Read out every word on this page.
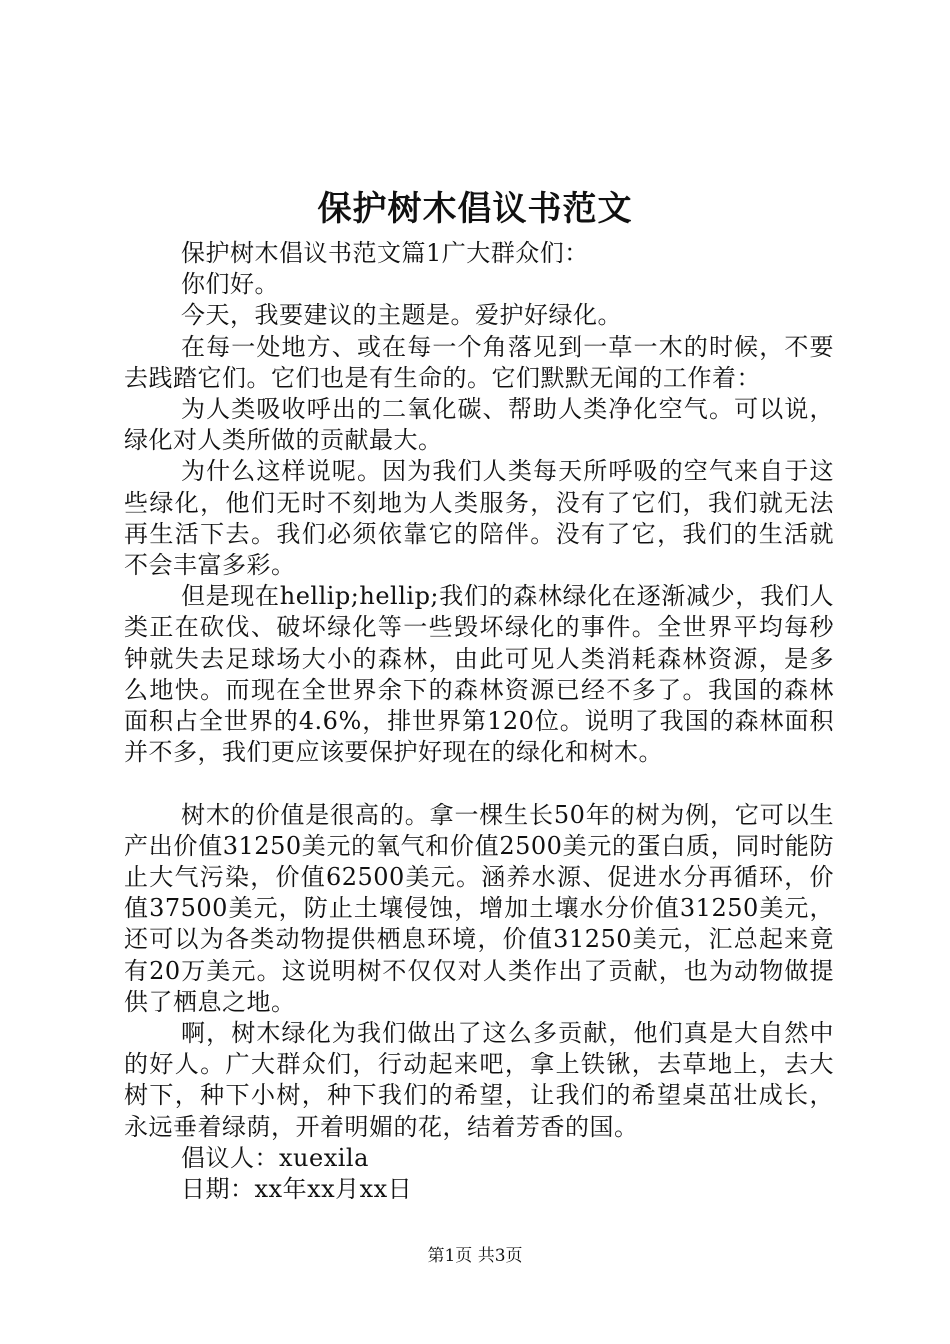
保护树木倡议书范文

保护树木倡议书范文篇1广大群众们：

你们好。

今天，我要建议的主题是。爱护好绿化。

在每一处地方、或在每一个角落见到一草一木的时候，不要去践踏它们。它们也是有生命的。它们默默无闻的工作着：

为人类吸收呼出的二氧化碳、帮助人类净化空气。可以说，绿化对人类所做的贡献最大。

为什么这样说呢。因为我们人类每天所呼吸的空气来自于这些绿化，他们无时不刻地为人类服务，没有了它们，我们就无法再生活下去。我们必须依靠它的陪伴。没有了它，我们的生活就不会丰富多彩。

但是现在hellip;hellip;我们的森林绿化在逐渐减少，我们人类正在砍伐、破坏绿化等一些毁坏绿化的事件。全世界平均每秒钟就失去足球场大小的森林，由此可见人类消耗森林资源，是多么地快。而现在全世界余下的森林资源已经不多了。我国的森林面积占全世界的4.6%，排世界第120位。说明了我国的森林面积并不多，我们更应该要保护好现在的绿化和树木。

树木的价值是很高的。拿一棵生长50年的树为例，它可以生产出价值31250美元的氧气和价值2500美元的蛋白质，同时能防止大气污染，价值62500美元。涵养水源、促进水分再循环，价值37500美元，防止土壤侵蚀，增加土壤水分价值31250美元，还可以为各类动物提供栖息环境，价值31250美元，汇总起来竟有20万美元。这说明树不仅仅对人类作出了贡献，也为动物做提供了栖息之地。

啊，树木绿化为我们做出了这么多贡献，他们真是大自然中的好人。广大群众们，行动起来吧，拿上铁锹，去草地上，去大树下，种下小树，种下我们的希望，让我们的希望桌茁壮成长，永远垂着绿荫，开着明媚的花，结着芳香的国。

倡议人：xuexila

日期：xx年xx月xx日

第1页 共3页
